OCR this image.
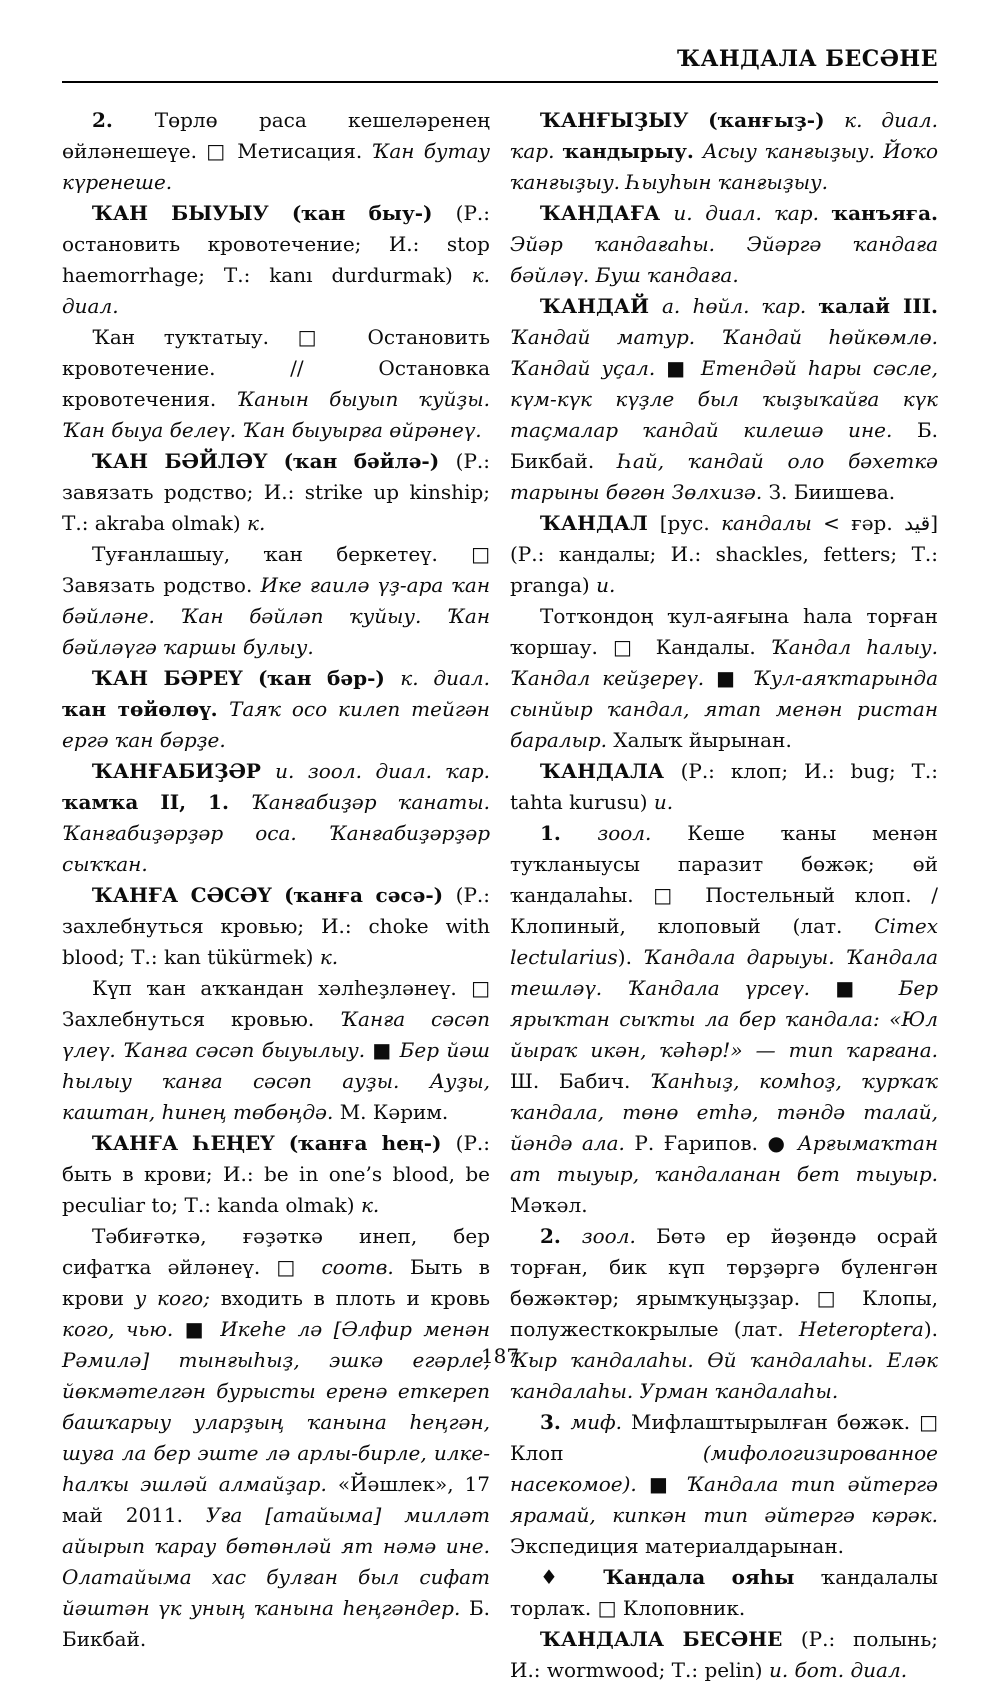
ҠАНДАЛА БЕСӘНЕ

2. Төрлө раса кешеләренең өйләнешеүе. □ Метисация. Ҡан бутау күренеше.

ҠАН БЫУЫУ (ҡан быу-) (Р.: остановить кровотечение; И.: stop haemorrhage; Т.: kanı durdurmak) к. диал.

Ҡан туҡтатыу. □ Остановить кровотечение. // Остановка кровотечения. Ҡанын быуып ҡуйҙы. Ҡан быуа белеү. Ҡан быуырға өйрәнеү.

ҠАН БӘЙЛӘҮ (ҡан бәйлә-) (Р.: завязать родство; И.: strike up kinship; Т.: akraba olmak) к.

Туғанлашыу, ҡан беркетеү. □ Завязать родство. Ике ғаилә үҙ-ара ҡан бәйләне. Ҡан бәйләп ҡуйыу. Ҡан бәйләүгә ҡаршы булыу.

ҠАН БӘРЕҮ (ҡан бәр-) к. диал. ҡан төйөлөү. Таяҡ осо килеп тейгән ергә ҡан бәрҙе.

ҠАНҒАБИҘӘР и. зоол. диал. ҡар. ҡамҡа II, 1. Ҡанғабиҙәр ҡанаты. Ҡанғабиҙәрҙәр оса. Ҡанғабиҙәрҙәр сыҡҡан.

ҠАНҒА СӘСӘҮ (ҡанға сәсә-) (Р.: захлебнуться кровью; И.: choke with blood; Т.: kan tükürmek) к.

Күп ҡан аҡҡандан хәлһеҙләнеү. □ Захлебнуться кровью. Ҡанға сәсәп үлеү. Ҡанға сәсәп быуылыу. ■ Бер йәш һылыу ҡанға сәсәп ауҙы. Ауҙы, каштан, һинең төбөңдә. М. Кәрим.

ҠАНҒА ҺЕҢЕҮ (ҡанға һең-) (Р.: быть в крови; И.: be in one’s blood, be peculiar to; Т.: kanda olmak) к.

Тәбиғәткә, ғәҙәткә инеп, бер сифатҡа әйләнеү. □ соотв. Быть в крови у кого; входить в плоть и кровь кого, чью. ■ Икеһе лә [Әлфир менән Рәмилә] тынғыһыҙ, эшкә егәрле, йөкмәтелгән бурысты еренә еткереп башҡарыу уларҙың ҡанына һеңгән, шуға ла бер эште лә арлы-бирле, илке-һалҡы эшләй алмайҙар. «Йәшлек», 17 май 2011. Уға [атайыма] милләт айырып ҡарау бөтөнләй ят нәмә ине. Олатайыма хас булған был сифат йәштән үк уның ҡанына һеңгәндер. Б. Бикбай.

ҠАНҒЫҘЫУ (ҡанғыҙ-) к. диал. ҡар. ҡандырыу. Асыу ҡанғыҙыу. Йоҡо ҡанғыҙыу. Һыуһын ҡанғыҙыу.

ҠАНДАҒА и. диал. ҡар. ҡанъяға. Эйәр ҡандағаһы. Эйәргә ҡандаға бәйләү. Буш ҡандаға.

ҠАНДАЙ а. һөйл. ҡар. ҡалай III. Ҡандай матур. Ҡандай һөйкөмлө. Ҡандай уҫал. ■ Етендәй һары сәсле, күм-күк күҙле был ҡыҙыҡайға күк таҫмалар ҡандай килешә ине. Б. Бикбай. Һай, ҡандай оло бәхеткә тарыны бөгөн Зөлхизә. З. Биишева.

ҠАНДАЛ [рус. кандалы < ғәр. قيد] (Р.: кандалы; И.: shackles, fetters; Т.: pranga) и.

Тотҡондоң ҡул-аяғына һала торған ҡоршау. □ Кандалы. Ҡандал һалыу. Ҡандал кейҙереү. ■ Ҡул-аяҡтарында сынйыр ҡандал, ятап менән ристан баралыр. Халыҡ йырынан.

ҠАНДАЛА (Р.: клоп; И.: bug; Т.: tahta kurusu) и.

1. зоол. Кеше ҡаны менән туҡланыусы паразит бөжәк; өй ҡандалаһы. □ Постельный клоп. / Клопиный, клоповый (лат. Cimex lectularius). Ҡандала дарыуы. Ҡандала тешләү. Ҡандала үрсеү. ■ Бер ярыҡтан сыҡты ла бер ҡандала: «Юл йыраҡ икән, ҡәһәр!» — тип ҡарғана. Ш. Бабич. Ҡанһыҙ, комһоҙ, ҡурҡаҡ ҡандала, төнө етһә, тәндә талай, йәндә ала. Р. Ғарипов. ● Арғымаҡтан ат тыуыр, ҡандаланан бет тыуыр. Мәҡәл.

2. зоол. Бөтә ер йөҙөндә осрай торған, бик күп төрҙәргә бүленгән бөжәктәр; ярымҡуңыҙҙар. □ Клопы, полужесткокрылые (лат. Heteroptera). Ҡыр ҡандалаһы. Өй ҡандалаһы. Еләк ҡандалаһы. Урман ҡандалаһы.

3. миф. Мифлаштырылған бөжәк. □ Клоп (мифологизированное насекомое). ■ Ҡандала тип әйтергә ярамай, кипкән тип әйтергә кәрәк. Экспедиция материалдарынан.

♦ Ҡандала ояһы ҡандалалы торлаҡ. □ Клоповник.

ҠАНДАЛА БЕСӘНЕ (Р.: полынь; И.: wormwood; Т.: pelin) и. бот. диал.

187
